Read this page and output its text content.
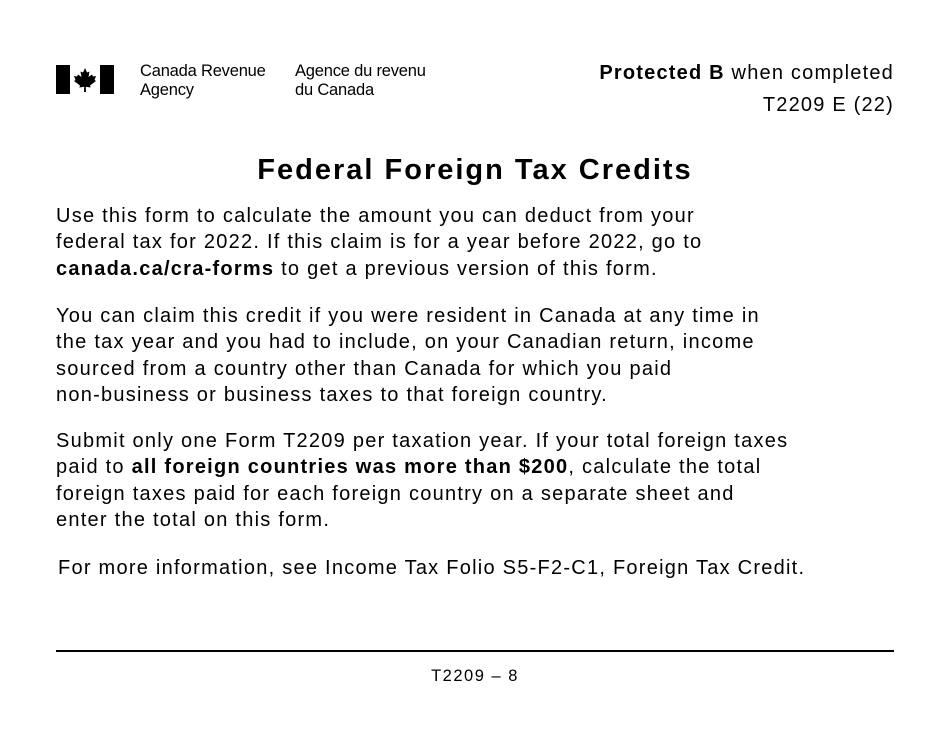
Canada Revenue
Agency
Agence du revenu
du Canada
Protected B when completed
T2209 E (22)
Federal Foreign Tax Credits

Use this form to calculate the amount you can deduct from your
federal tax for 2022. If this claim is for a year before 2022, go to
canada.ca/cra-forms to get a previous version of this form.

You can claim this credit if you were resident in Canada at any time in
the tax year and you had to include, on your Canadian return, income
sourced from a country other than Canada for which you paid
non-business or business taxes to that foreign country.

Submit only one Form T2209 per taxation year. If your total foreign taxes
paid to all foreign countries was more than $200, calculate the total
foreign taxes paid for each foreign country on a separate sheet and
enter the total on this form.

For more information, see Income Tax Folio S5-F2-C1, Foreign Tax Credit.

T2209 – 8
